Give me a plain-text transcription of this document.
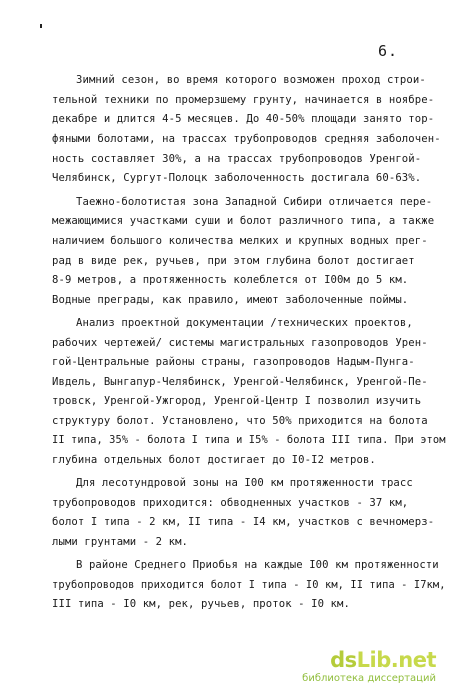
6.
Зимний сезон, во время которого возможен проход строи-
тельной техники по промерзшему грунту, начинается в ноябре-
декабре и длится 4-5 месяцев. До 40-50% площади занято тор-
фяными болотами, на трассах трубопроводов средняя заболочен-
ность составляет 30%, а на трассах трубопроводов Уренгой-
Челябинск, Сургут-Полоцк заболоченность достигала 60-63%.
Таежно-болотистая зона Западной Сибири отличается пере-
межающимися участками суши и болот различного типа, а также
наличием большого количества мелких и крупных водных прег-
рад в виде рек, ручьев, при этом глубина болот достигает
8-9 метров, а протяженность колеблется от I00м до 5 км.
Водные преграды, как правило, имеют заболоченные поймы.
Анализ проектной документации /технических проектов,
рабочих чертежей/ системы магистральных газопроводов Урен-
гой-Центральные районы страны, газопроводов Надым-Пунга-
Ивдель, Вынгапур-Челябинск, Уренгой-Челябинск, Уренгой-Пе-
тровск, Уренгой-Ужгород, Уренгой-Центр I позволил изучить
структуру болот. Установлено, что 50% приходится на болота
II типа, 35% - болота I типа и I5% - болота III типа. При этом
глубина отдельных болот достигает до I0-I2 метров.
Для лесотундровой зоны на I00 км протяженности трасс
трубопроводов приходится: обводненных участков - 37 км,
болот I типа - 2 км, II типа - I4 км, участков с вечномерз-
лыми грунтами - 2 км.
В районе Среднего Приобья на каждые I00 км протяженности
трубопроводов приходится болот I типа - I0 км, II типа - I7км,
III типа - I0 км, рек, ручьев, проток - I0 км.
dsLib.net
библиотека диссертаций
